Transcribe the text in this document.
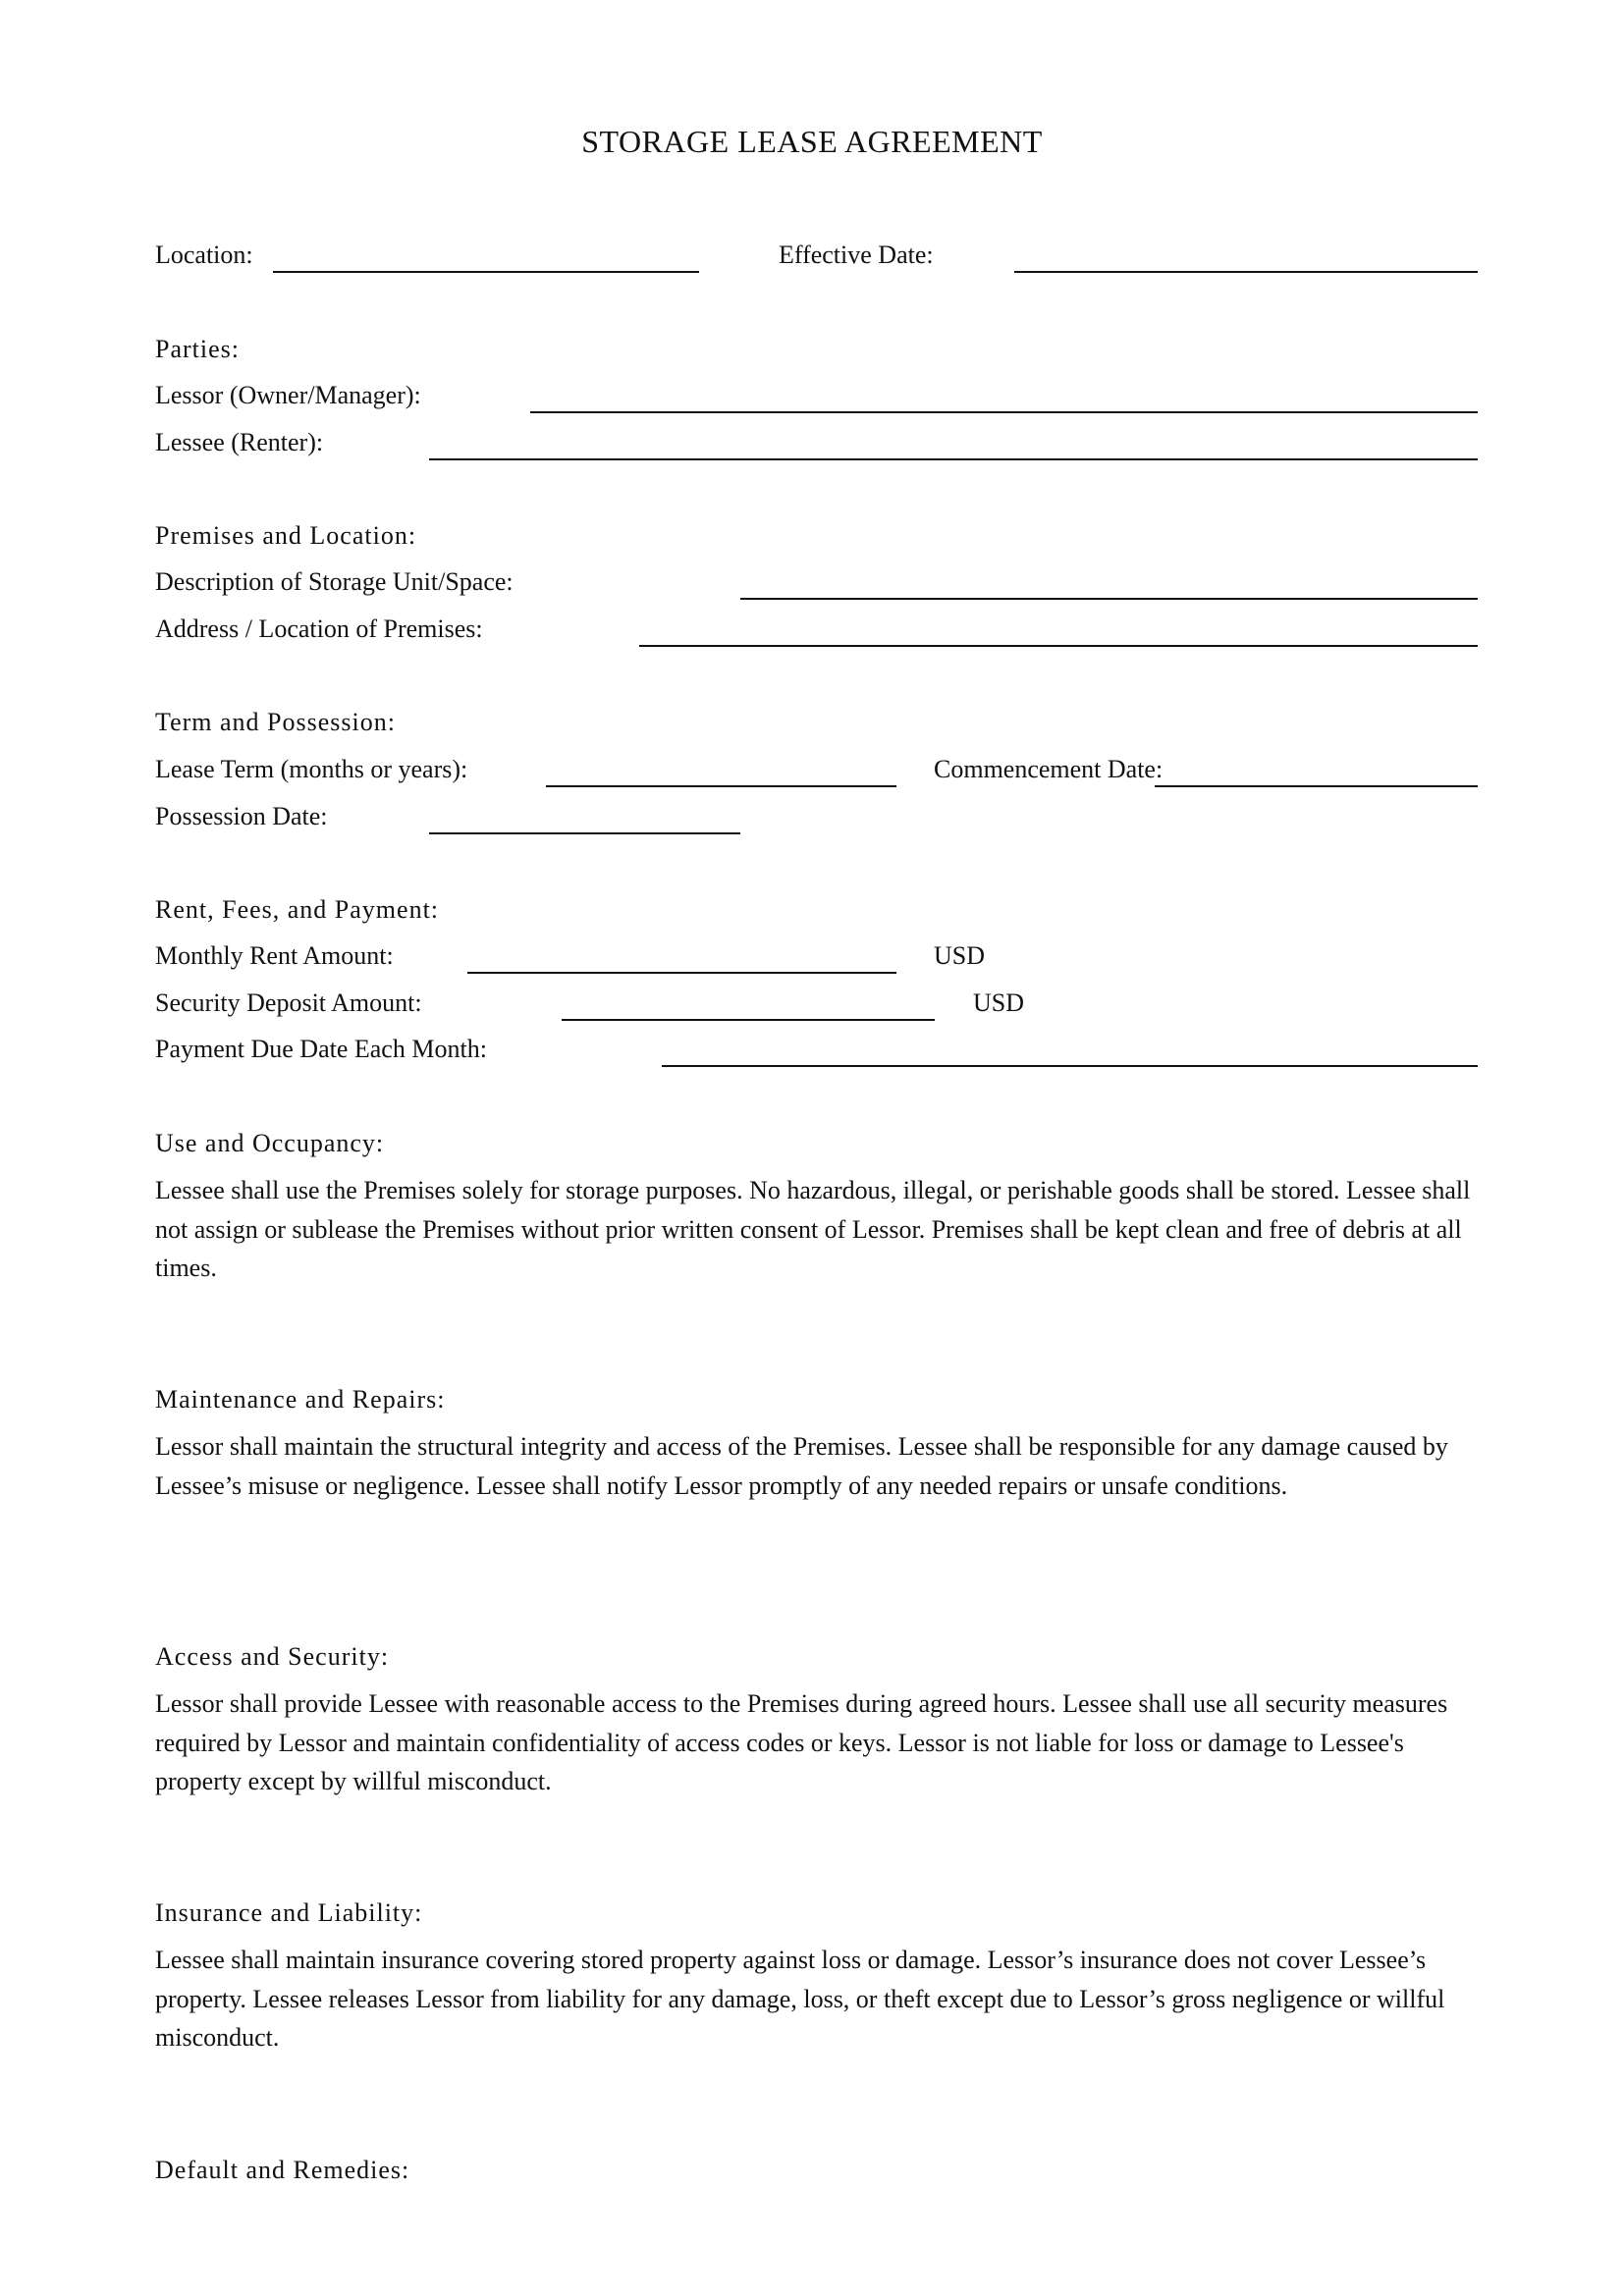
STORAGE LEASE AGREEMENT
Location:	Effective Date:
Parties:
Lessor (Owner/Manager):
Lessee (Renter):
Premises and Location:
Description of Storage Unit/Space:
Address / Location of Premises:
Term and Possession:
Lease Term (months or years):	Commencement Date:
Possession Date:
Rent, Fees, and Payment:
Monthly Rent Amount:	USD
Security Deposit Amount:	USD
Payment Due Date Each Month:
Use and Occupancy:
Lessee shall use the Premises solely for storage purposes. No hazardous, illegal, or perishable goods shall be stored. Lessee shall not assign or sublease the Premises without prior written consent of Lessor. Premises shall be kept clean and free of debris at all times.
Maintenance and Repairs:
Lessor shall maintain the structural integrity and access of the Premises. Lessee shall be responsible for any damage caused by Lessee’s misuse or negligence. Lessee shall notify Lessor promptly of any needed repairs or unsafe conditions.
Access and Security:
Lessor shall provide Lessee with reasonable access to the Premises during agreed hours. Lessee shall use all security measures required by Lessor and maintain confidentiality of access codes or keys. Lessor is not liable for loss or damage to Lessee's property except by willful misconduct.
Insurance and Liability:
Lessee shall maintain insurance covering stored property against loss or damage. Lessor’s insurance does not cover Lessee’s property. Lessee releases Lessor from liability for any damage, loss, or theft except due to Lessor’s gross negligence or willful misconduct.
Default and Remedies:
